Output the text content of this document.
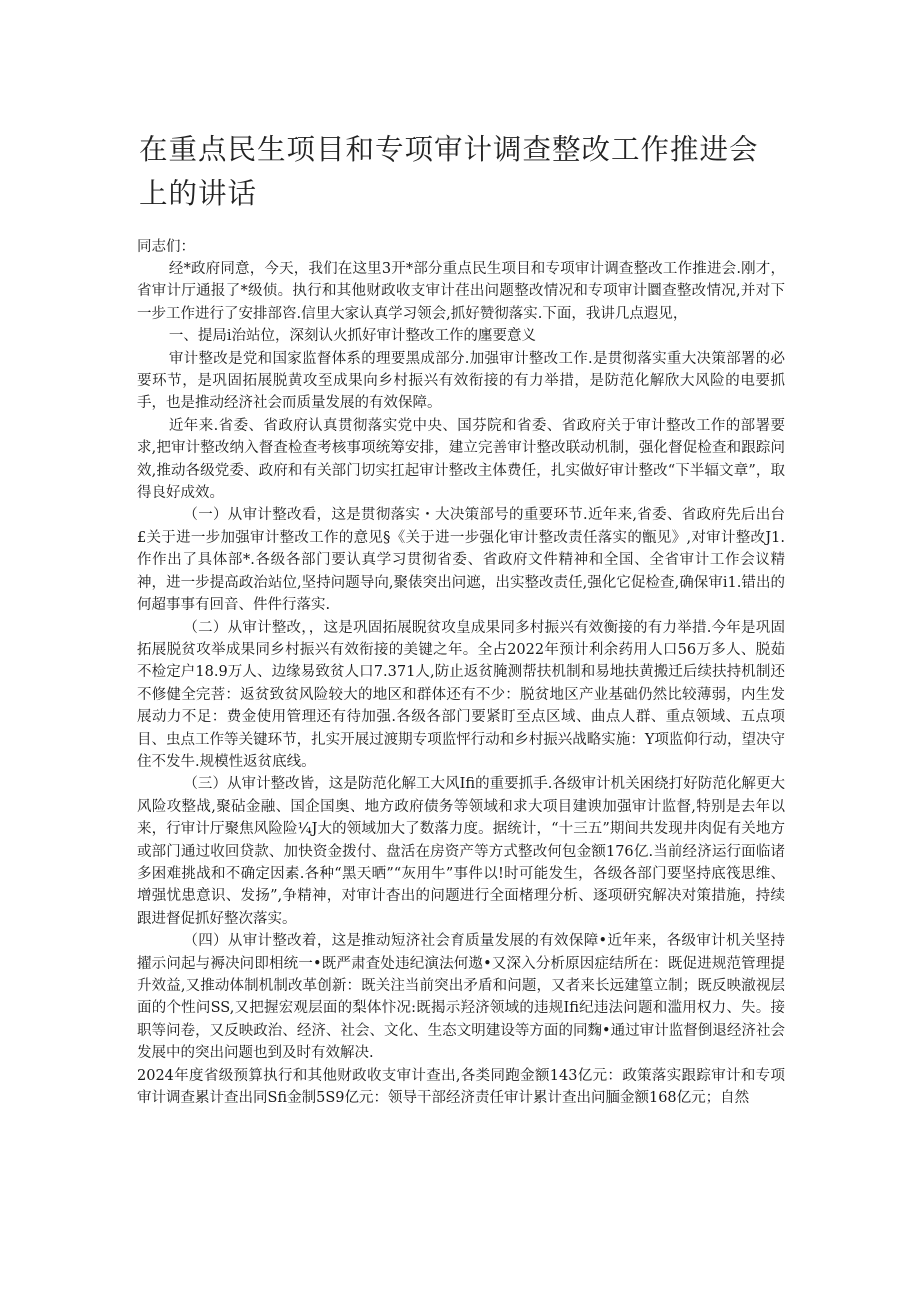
在重点民生项目和专项审计调查整改工作推进会上的讲话

同志们：

经*政府同意，今天，我们在这里3开*部分重点民生项目和专项审计调查整改工作推进会.刚才，省审计厅通报了*级侦。执行和其他财政收支审计荏出问题整改情况和专项审计圜查整改情况,并对下一步工作进行了安排部咨.信里大家认真学习领会,抓好赞彻落实.下面，我讲几点遐见，

一、提局i治站位，深刻认火抓好审计整改工作的廛要意义

审计整改是党和国家监督体系的理要黑成部分.加强审计整改工作.是贯彻落实重大决策部署的必要环节，是巩固拓展脱黄攻至成果向乡村振兴有效衔接的有力举措，是防范化解欣大风险的电要抓手，也是推动经济社会而质量发展的有效保障。

近年来.省委、省政府认真贯彻落实党中央、国芬院和省委、省政府关于审计整改工作的部署要求,把审计整改纳入督査检查考核事项统筹安排，建立完善审计整改联动机制，强化督促检查和跟踪问效,推动各级党委、政府和有关部门切实扛起审计整改主体费任，扎实做好审计整改“下半辐文章”，取得良好成效。

（一）从审计整改看，这是贯彻落实・大决策部号的重要环节.近年来,省委、省政府先后出台£关于进一步加强审计整改工作的意见§《关于进一步强化审计整改责任落实的甑见》,对审计整改J1.作作出了具体部*.各级各部门要认真学习贯彻省委、省政府文件精神和全国、全省审计工作会议精神，进一步提高政治站位,坚持问题导向,聚俵突出问遮，出实整改责任,强化它促检查,确保审i1.错出的何超事事有回音、件件行落实.

（二）从审计整改，，这是巩固拓展睨贫攻皇成果同多村振兴有效衡接的有力举措.今年是巩固拓展脱贫攻举成果同乡村振兴有效衔接的美键之年。全占2022年预计利余药用人口56万多人、脱茹不检定户18.9万人、边缘易致贫人口7.371人,防止返贫腌测帮扶机制和易地扶黄搬迁后续扶持机制还不修健全完菩：返贫致贫风险较大的地区和群体还有不少：脱贫地区产业基础仍然比较薄弱，内生发展动力不足：费金使用管理还有待加强.各级各部门要紧盯至点区域、曲点人群、重点领域、五点项目、虫点工作等关键环节，扎实开展过渡期专项监怦行动和乡村振兴战略实施：Y项监仰行动，望决守住不发牛.规模性返贫底线。

（三）从审计整改皆，这是防范化解工大风Ifi的重要抓手.各级审计机关困绕打好防范化解更大风险攻整战,聚砧金融、国企国奥、地方政府债务等领域和求大项目建谀加强审计监督,特别是去年以来，行审计厅聚焦风险险¼J大的领域加大了数落力度。据统计，“十三五”期间共发现井肉促有关地方或部门通过收回贷款、加快资金拨付、盘活在房资产等方式整改何包金额176亿.当前经济运行面临诸多困难挑战和不确定因素.各种“黑天晒”“灰用牛”事件以!时可能发生，各级各部门要坚持底筏思维、增强忧患意识、发扬”,争精神，对审计杳出的问题进行全面楮理分析、逐项研究解决对策措施，持续跟进督促抓好整次落实。

（四）从审计整改着，这是推动短济社会育质量发展的有效保障•近年来，各级审计机关坚持擢示问起与褥决问即相统一•既严肃査处违纪演法何遨•又深入分析原因症结所在：既促进规范管理提升效益,又推动体制机制改革创新：既关注当前突出矛盾和问题，又者来长远建篁立制；既反映澈视层面的个性问SS,又把握宏观层面的梨体忭况:既揭示羟济领域的违规Ifi纪违法问题和滥用权力、失。接职等问卷，又反映政治、经济、社会、文化、生态文明建设等方面的同麴•通过审计监督倒退经济社会发展中的突出问题也到及时有效解决.

2024年度省级预算执行和其他财政收支审计查出,各类同跑金额143亿元：政策落实跟踪审计和专项审计调查累计查出同Sfi金制5S9亿元：领导干部经济责任审计累计查出问腼金额168亿元；自然
